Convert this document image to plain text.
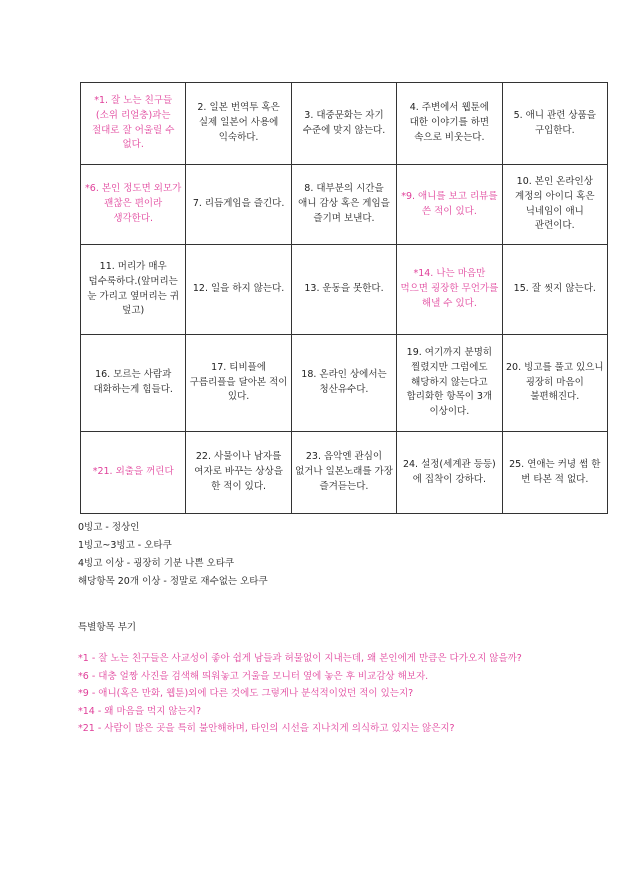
*1. 잘 노는 친구들(소위 리얼충)과는 절대로 잘 어울릴 수 없다.	2. 일본 번역투 혹은 실제 일본어 사용에 익숙하다.	3. 대중문화는 자기 수준에 맞지 않는다.	4. 주변에서 웹툰에 대한 이야기를 하면 속으로 비웃는다.	5. 애니 관련 상품을 구입한다.
*6. 본인 정도면 외모가 괜찮은 편이라 생각한다.	7. 리듬게임을 즐긴다.	8. 대부분의 시간을 애니 감상 혹은 게임을 즐기며 보낸다.	*9. 애니를 보고 리뷰를 쓴 적이 있다.	10. 본인 온라인상 계정의 아이디 혹은 닉네임이 애니 관련이다.
11. 머리가 매우 덥수룩하다.(앞머리는 눈 가리고 옆머리는 귀 덮고)	12. 일을 하지 않는다.	13. 운동을 못한다.	*14. 나는 마음만 먹으면 굉장한 무언가를 해낼 수 있다.	15. 잘 씻지 않는다.
16. 모르는 사람과 대화하는게 힘들다.	17. 티비플에 구름리플을 달아본 적이 있다.	18. 온라인 상에서는 청산유수다.	19. 여기까지 분명히 찔렸지만 그럼에도 해당하지 않는다고 합리화한 항목이 3개 이상이다.	20. 빙고를 풀고 있으니 굉장히 마음이 불편해진다.
*21. 외출을 꺼린다	22. 사물이나 남자를 여자로 바꾸는 상상을 한 적이 있다.	23. 음악엔 관심이 없거나 일본노래를 가장 즐겨듣는다.	24. 설정(세계관 등등)에 집착이 강하다.	25. 연애는 커녕 썸 한 번 타본 적 없다.

0빙고 - 정상인

1빙고~3빙고 - 오타쿠

4빙고 이상 - 굉장히 기분 나쁜 오타쿠

해당항목 20개 이상 - 정말로 재수없는 오타쿠

특별항목 부기

*1 - 잘 노는 친구들은 사교성이 좋아 쉽게 남들과 허물없이 지내는데, 왜 본인에게 만큼은 다가오지 않을까?

*6 - 대충 얼짱 사진을 검색해 띄워놓고 거울을 모니터 옆에 놓은 후 비교감상 해보자.

*9 - 애니(혹은 만화, 웹툰)외에 다른 것에도 그렇게나 분석적이었던 적이 있는지?

*14 - 왜 마음을 먹지 않는지?

*21 - 사람이 많은 곳을 특히 불안해하며, 타인의 시선을 지나치게 의식하고 있지는 않은지?
